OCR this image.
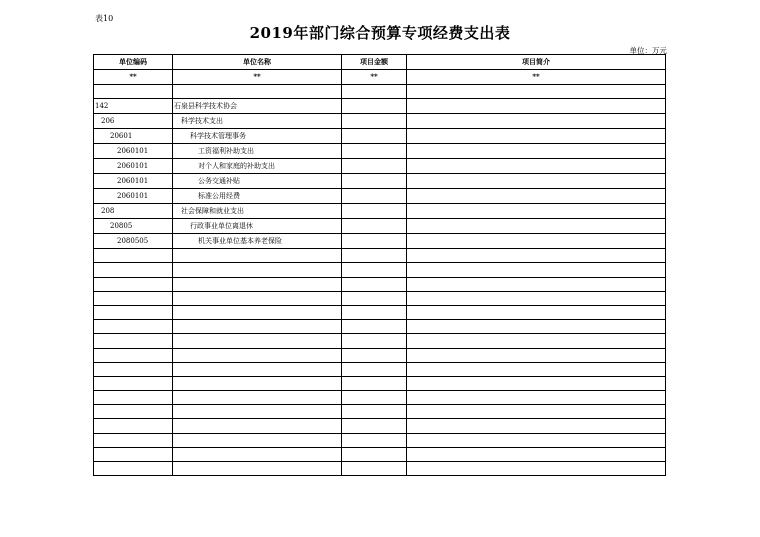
表10
2019年部门综合预算专项经费支出表
单位：万元
单位编码	单位名称	项目金额	项目简介
**	**	**	**

142	石泉县科学技术协会		
206	科学技术支出		
20601	科学技术管理事务		
2060101	工资福利补助支出		
2060101	对个人和家庭的补助支出		
2060101	公务交通补贴		
2060101	标准公用经费		
208	社会保障和就业支出		
20805	行政事业单位离退休		
2080505	机关事业单位基本养老保险		
